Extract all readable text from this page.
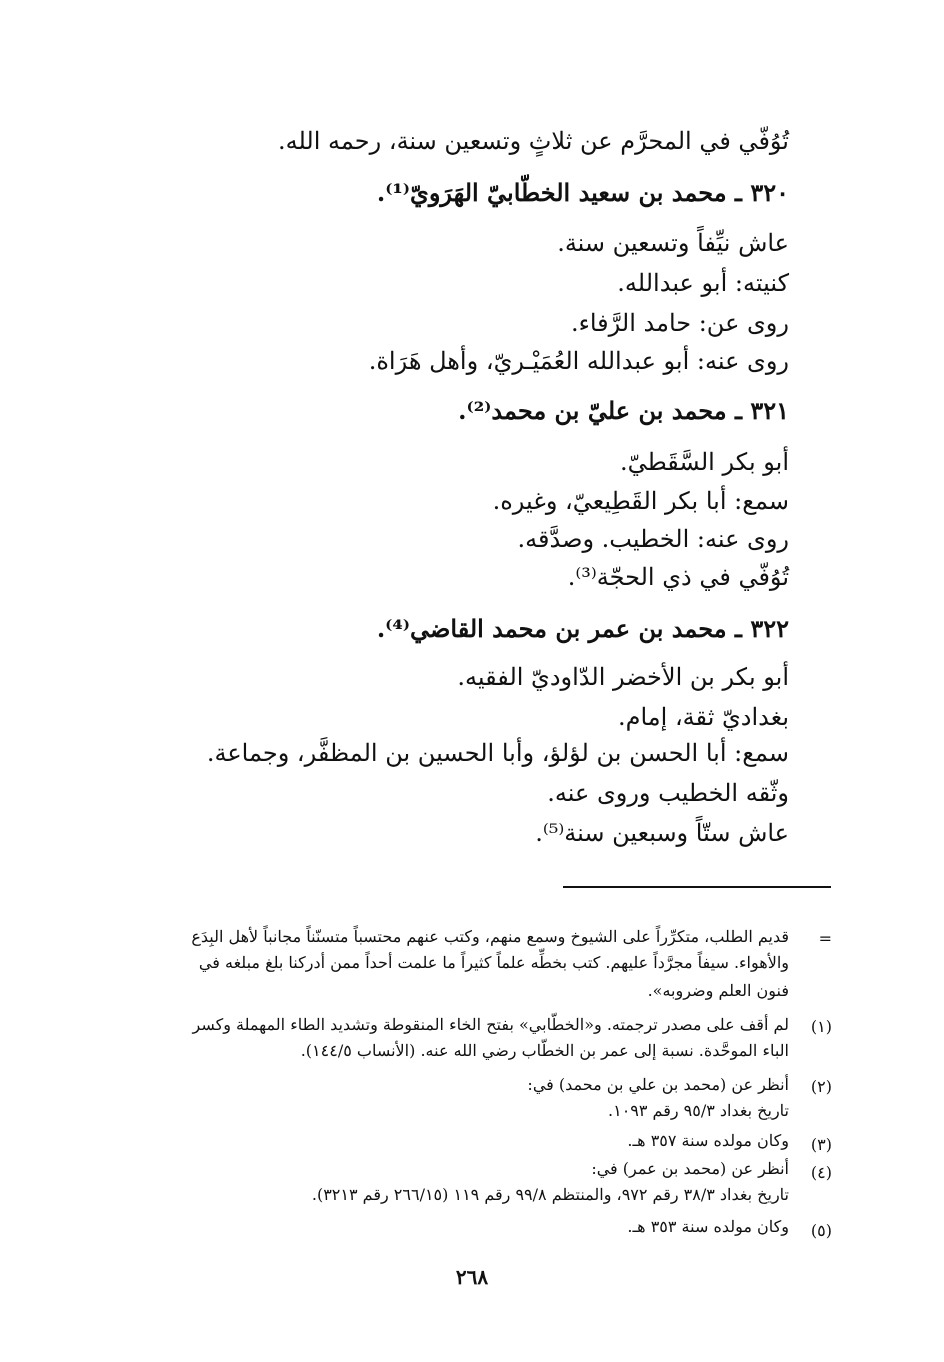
تُوُفّي في المحرَّم عن ثلاثٍ وتسعين سنة، رحمه الله.
٣٢٠ ـ محمد بن سعيد الخطّابيّ الهَرَويّ⁽¹⁾.
عاش نيِّفاً وتسعين سنة.
كنيته: أبو عبدالله.
روى عن: حامد الرَّفاء.
روى عنه: أبو عبدالله العُمَيْـريّ، وأهل هَرَاة.
٣٢١ ـ محمد بن عليّ بن محمد⁽²⁾.
أبو بكر السَّقَطيّ.
سمع: أبا بكر القَطِيعيّ، وغيره.
روى عنه: الخطيب. وصدَّقه.
تُوُفّي في ذي الحجّة⁽³⁾.
٣٢٢ ـ محمد بن عمر بن محمد القاضي⁽⁴⁾.
أبو بكر بن الأخضر الدّاوديّ الفقيه.
بغداديّ ثقة، إمام.
سمع: أبا الحسن بن لؤلؤ، وأبا الحسين بن المظفَّر، وجماعة.
وثّقه الخطيب وروى عنه.
عاش ستّاً وسبعين سنة⁽⁵⁾.
=
قديم الطلب، متكرِّراً على الشيوخ وسمع منهم، وكتب عنهم محتسباً متسنّناً مجانباً لأهل البِدَع
والأهواء. سيفاً مجرَّداً عليهم. كتب بخطِّه علماً كثيراً ما علمت أحداً ممن أدركنا بلغ مبلغه في
فنون العلم وضروبه».
(١)
لم أقف على مصدر ترجمته. و«الخطّابي» بفتح الخاء المنقوطة وتشديد الطاء المهملة وكسر
الباء الموحَّدة. نسبة إلى عمر بن الخطّاب رضي الله عنه. (الأنساب ١٤٤/٥).
(٢)
أنظر عن (محمد بن علي بن محمد) في:
تاريخ بغداد ٩٥/٣ رقم ١٠٩٣.
(٣)
وكان مولده سنة ٣٥٧ هـ.
(٤)
أنظر عن (محمد بن عمر) في:
تاريخ بغداد ٣٨/٣ رقم ٩٧٢، والمنتظم ٩٩/٨ رقم ١١٩ (٢٦٦/١٥ رقم ٣٢١٣).
(٥)
وكان مولده سنة ٣٥٣ هـ.
٢٦٨
